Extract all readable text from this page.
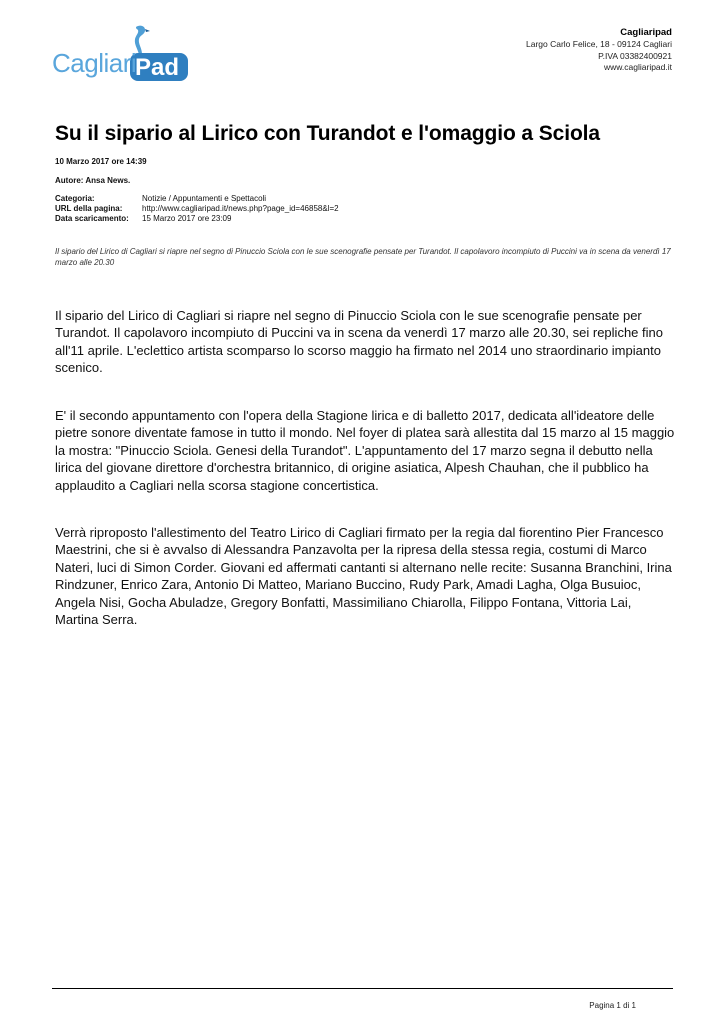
Cagliari
Pad
Cagliaripad
Largo Carlo Felice, 18 - 09124 Cagliari
P.IVA 03382400921
www.cagliaripad.it
Su il sipario al Lirico con Turandot e l'omaggio a Sciola
10 Marzo 2017 ore 14:39
Autore: Ansa News.
Categoria:	Notizie / Appuntamenti e Spettacoli
URL della pagina:	http://www.cagliaripad.it/news.php?page_id=46858&l=2
Data scaricamento:	15 Marzo 2017 ore 23:09

Il sipario del Lirico di Cagliari si riapre nel segno di Pinuccio Sciola con le sue scenografie pensate per Turandot. Il capolavoro incompiuto di Puccini va in scena da venerdì 17 marzo alle 20.30

Il sipario del Lirico di Cagliari si riapre nel segno di Pinuccio Sciola con le sue scenografie pensate per Turandot. Il capolavoro incompiuto di Puccini va in scena da venerdì 17 marzo alle 20.30, sei repliche fino all'11 aprile. L'eclettico artista scomparso lo scorso maggio ha firmato nel 2014 uno straordinario impianto scenico.

E' il secondo appuntamento con l'opera della Stagione lirica e di balletto 2017, dedicata all'ideatore delle pietre sonore diventate famose in tutto il mondo. Nel foyer di platea sarà allestita dal 15 marzo al 15 maggio la mostra: "Pinuccio Sciola. Genesi della Turandot". L'appuntamento del 17 marzo segna il debutto nella lirica del giovane direttore d'orchestra britannico, di origine asiatica, Alpesh Chauhan, che il pubblico ha applaudito a Cagliari nella scorsa stagione concertistica.

Verrà riproposto l'allestimento del Teatro Lirico di Cagliari firmato per la regia dal fiorentino Pier Francesco Maestrini, che si è avvalso di Alessandra Panzavolta per la ripresa della stessa regia, costumi di Marco Nateri, luci di Simon Corder. Giovani ed affermati cantanti si alternano nelle recite: Susanna Branchini, Irina Rindzuner, Enrico Zara, Antonio Di Matteo, Mariano Buccino, Rudy Park, Amadi Lagha, Olga Busuioc, Angela Nisi, Gocha Abuladze, Gregory Bonfatti, Massimiliano Chiarolla, Filippo Fontana, Vittoria Lai, Martina Serra.

Pagina 1 di 1
